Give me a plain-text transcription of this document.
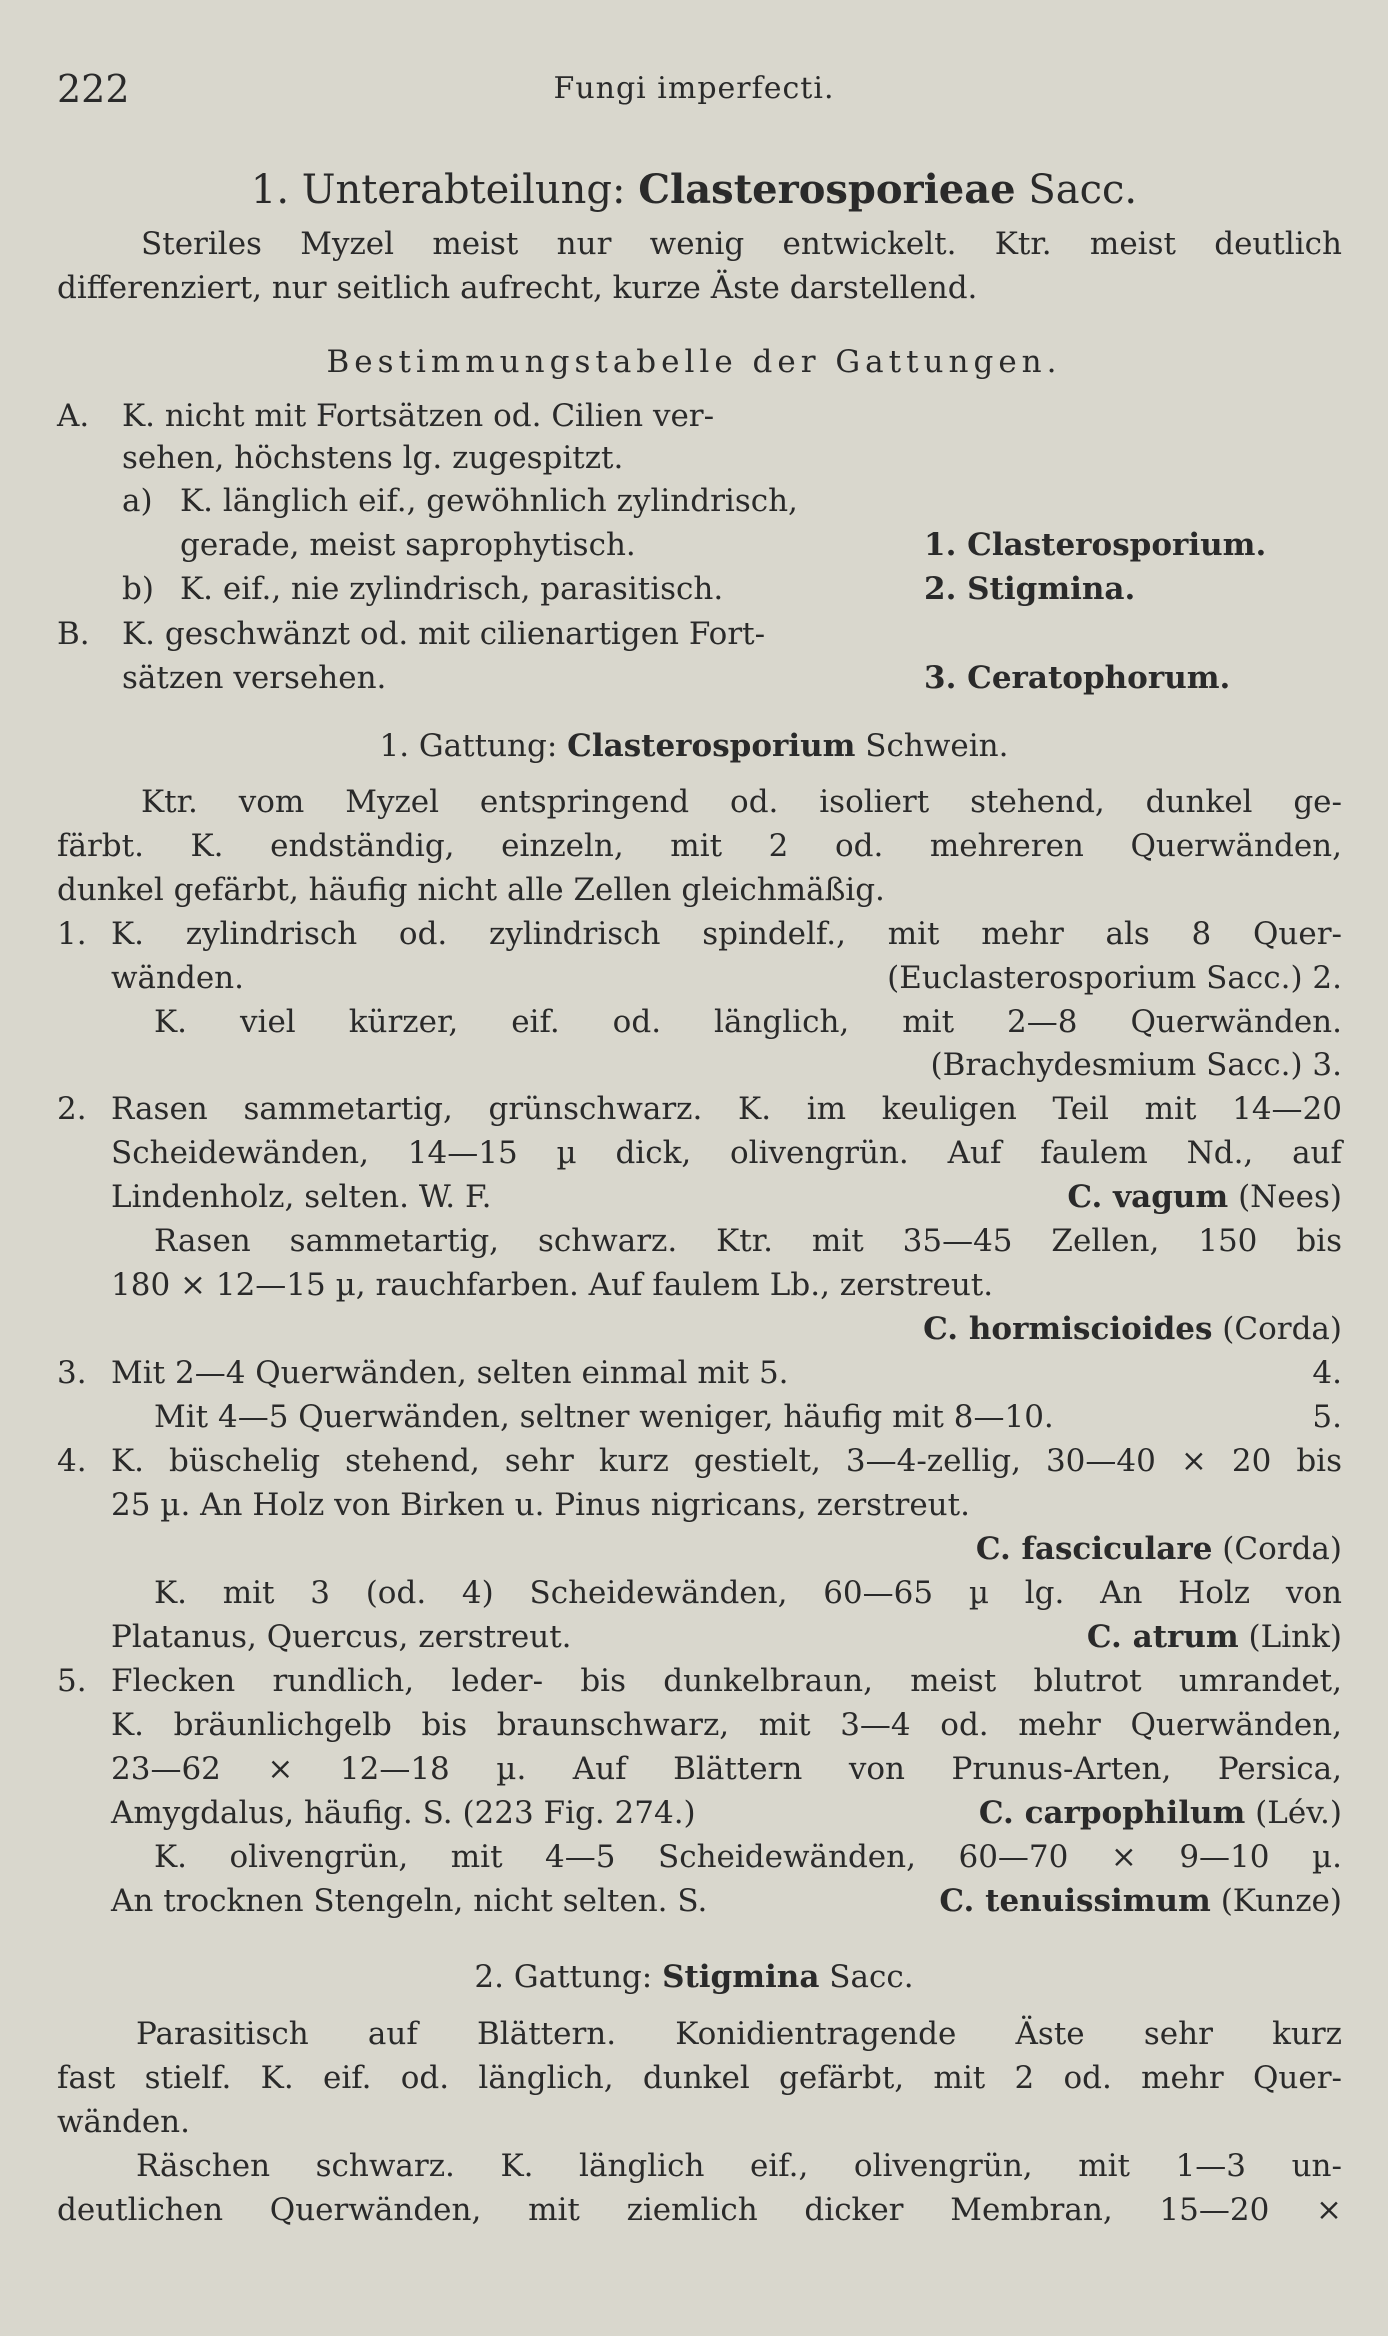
222	Fungi imperfecti.
1. Unterabteilung: Clasterosporieae Sacc.
Steriles Myzel meist nur wenig entwickelt. Ktr. meist deutlich
differenziert, nur seitlich aufrecht, kurze Äste darstellend.
Bestimmungstabelle der Gattungen.
A. K. nicht mit Fortsätzen od. Cilien ver-
sehen, höchstens lg. zugespitzt.
a) K. länglich eif., gewöhnlich zylindrisch,
gerade, meist saprophytisch.	1. Clasterosporium.
b) K. eif., nie zylindrisch, parasitisch.	2. Stigmina.
B. K. geschwänzt od. mit cilienartigen Fort-
sätzen versehen.	3. Ceratophorum.
1. Gattung: Clasterosporium Schwein.
Ktr. vom Myzel entspringend od. isoliert stehend, dunkel ge-
färbt. K. endständig, einzeln, mit 2 od. mehreren Querwänden,
dunkel gefärbt, häufig nicht alle Zellen gleichmäßig.
1. K. zylindrisch od. zylindrisch spindelf., mit mehr als 8 Quer-
wänden.	(Euclasterosporium Sacc.) 2.
K. viel kürzer, eif. od. länglich, mit 2—8 Querwänden.
(Brachydesmium Sacc.) 3.
2. Rasen sammetartig, grünschwarz. K. im keuligen Teil mit 14—20
Scheidewänden, 14—15 µ dick, olivengrün. Auf faulem Nd., auf
Lindenholz, selten. W. F.	C. vagum (Nees)
Rasen sammetartig, schwarz. Ktr. mit 35—45 Zellen, 150 bis
180 × 12—15 µ, rauchfarben. Auf faulem Lb., zerstreut.
C. hormiscioides (Corda)
3. Mit 2—4 Querwänden, selten einmal mit 5.	4.
Mit 4—5 Querwänden, seltner weniger, häufig mit 8—10.	5.
4. K. büschelig stehend, sehr kurz gestielt, 3—4-zellig, 30—40 × 20 bis
25 µ. An Holz von Birken u. Pinus nigricans, zerstreut.
C. fasciculare (Corda)
K. mit 3 (od. 4) Scheidewänden, 60—65 µ lg. An Holz von
Platanus, Quercus, zerstreut.	C. atrum (Link)
5. Flecken rundlich, leder- bis dunkelbraun, meist blutrot umrandet,
K. bräunlichgelb bis braunschwarz, mit 3—4 od. mehr Querwänden,
23—62 × 12—18 µ. Auf Blättern von Prunus-Arten, Persica,
Amygdalus, häufig. S. (223 Fig. 274.)	C. carpophilum (Lév.)
K. olivengrün, mit 4—5 Scheidewänden, 60—70 × 9—10 µ.
An trocknen Stengeln, nicht selten. S.	C. tenuissimum (Kunze)
2. Gattung: Stigmina Sacc.
Parasitisch auf Blättern. Konidientragende Äste sehr kurz
fast stielf. K. eif. od. länglich, dunkel gefärbt, mit 2 od. mehr Quer-
wänden.
Räschen schwarz. K. länglich eif., olivengrün, mit 1—3 un-
deutlichen Querwänden, mit ziemlich dicker Membran, 15—20 ×
